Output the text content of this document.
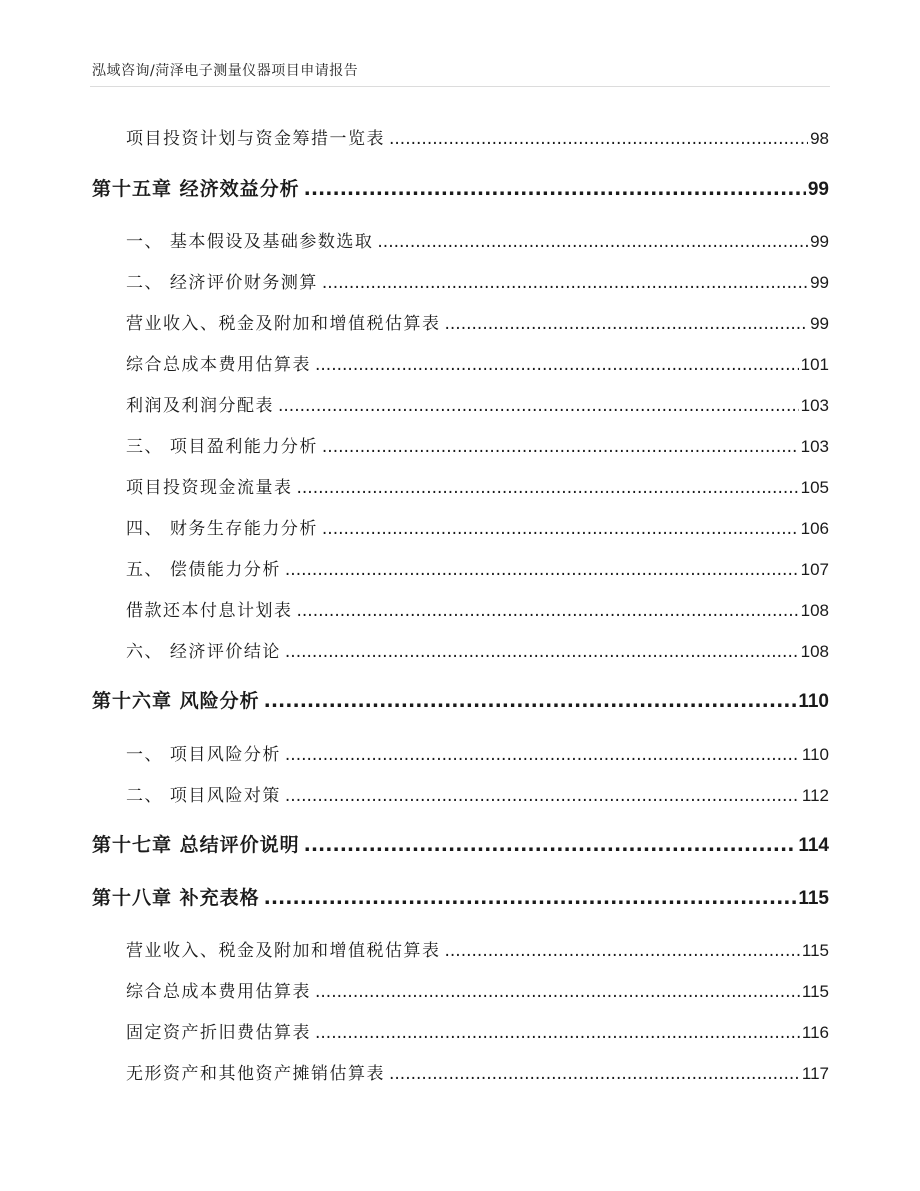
泓域咨询/菏泽电子测量仪器项目申请报告
项目投资计划与资金筹措一览表 .....	98
第十五章 经济效益分析 .....	99
一、 基本假设及基础参数选取 .....	99
二、 经济评价财务测算 .....	99
营业收入、税金及附加和增值税估算表 .....	99
综合总成本费用估算表 .....	101
利润及利润分配表 .....	103
三、 项目盈利能力分析 .....	103
项目投资现金流量表 .....	105
四、 财务生存能力分析 .....	106
五、 偿债能力分析 .....	107
借款还本付息计划表 .....	108
六、 经济评价结论 .....	108
第十六章 风险分析 .....	110
一、 项目风险分析 .....	110
二、 项目风险对策 .....	112
第十七章 总结评价说明 .....	114
第十八章 补充表格 .....	115
营业收入、税金及附加和增值税估算表 .....	115
综合总成本费用估算表 .....	115
固定资产折旧费估算表 .....	116
无形资产和其他资产摊销估算表 .....	117
